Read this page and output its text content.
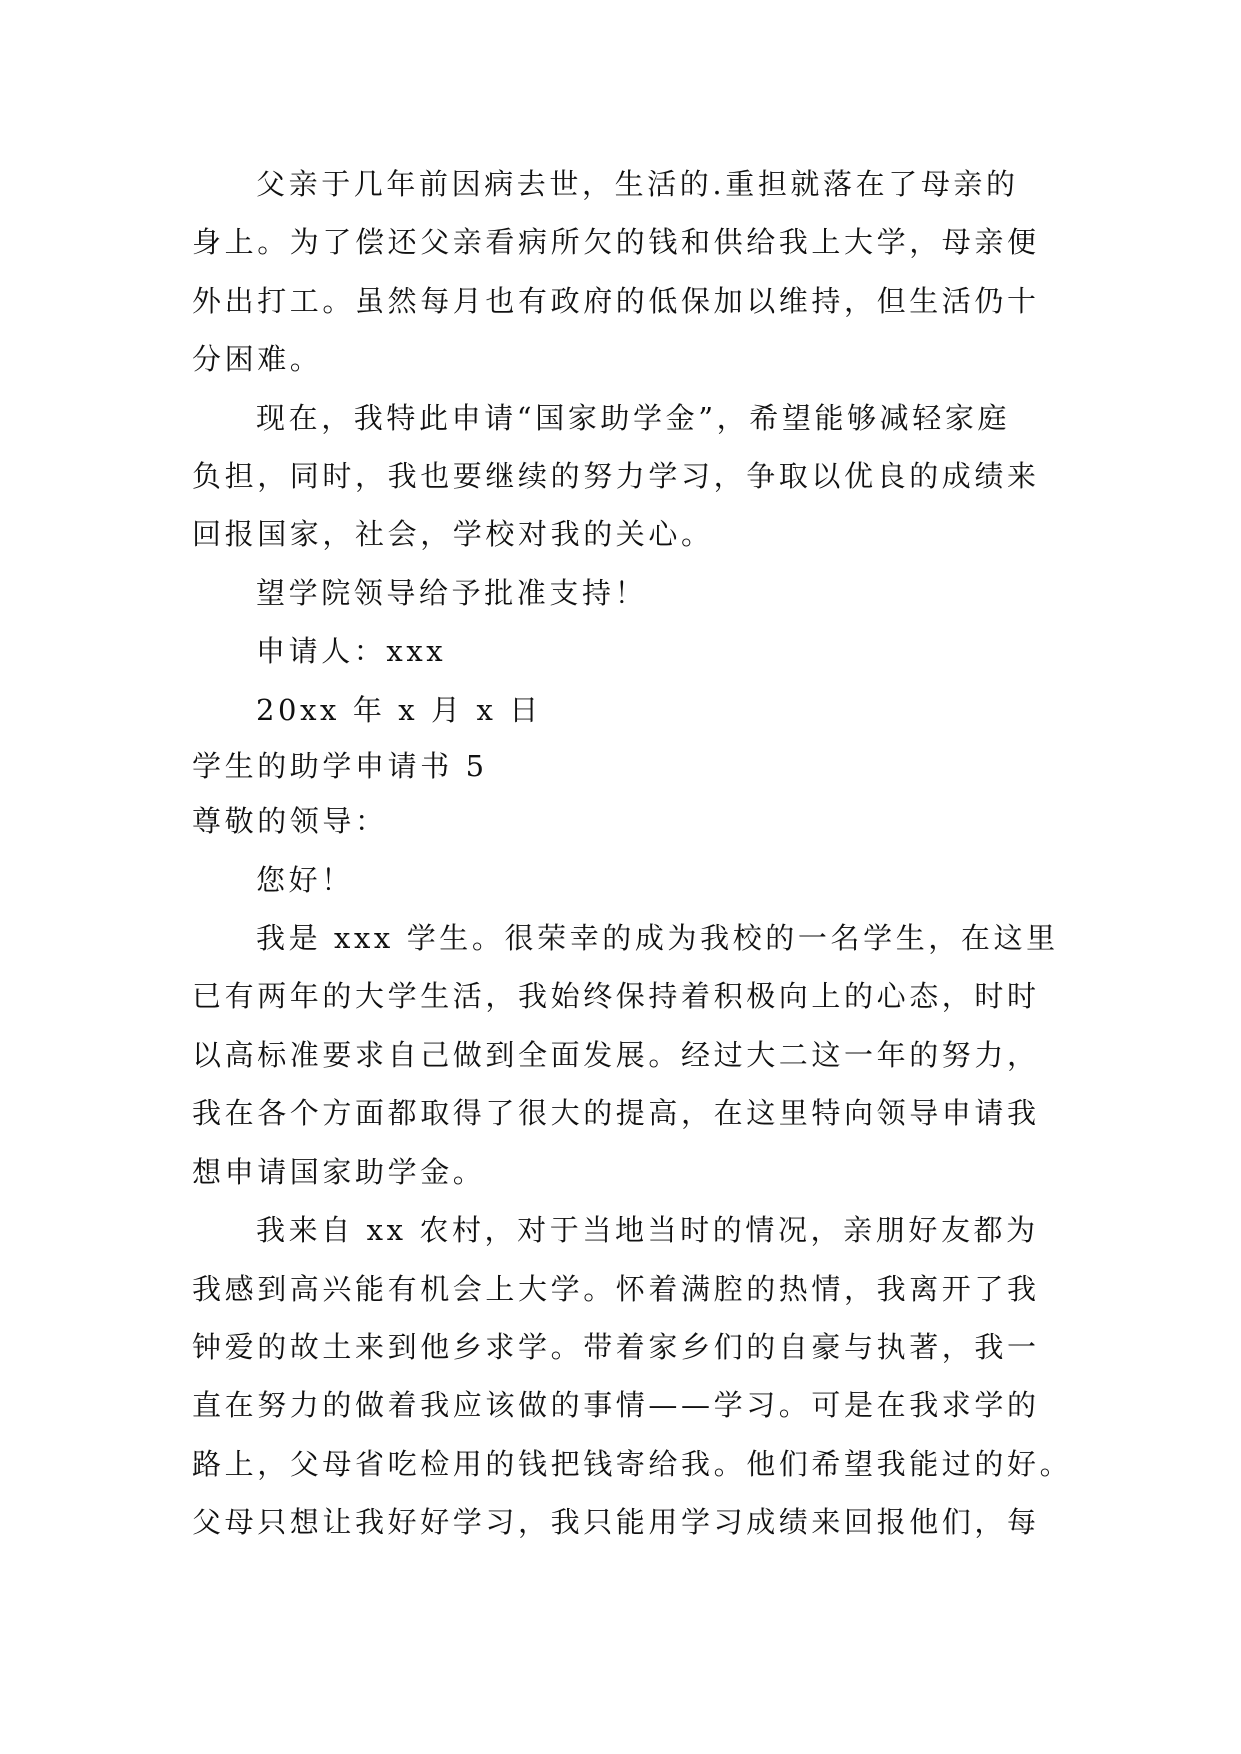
父亲于几年前因病去世，生活的.重担就落在了母亲的
身上。为了偿还父亲看病所欠的钱和供给我上大学，母亲便
外出打工。虽然每月也有政府的低保加以维持，但生活仍十
分困难。
现在，我特此申请“国家助学金”，希望能够减轻家庭
负担，同时，我也要继续的努力学习，争取以优良的成绩来
回报国家，社会，学校对我的关心。
望学院领导给予批准支持！
申请人：xxx
20xx 年 x 月 x 日
学生的助学申请书 5
尊敬的领导：
您好！
我是 xxx 学生。很荣幸的成为我校的一名学生，在这里
已有两年的大学生活，我始终保持着积极向上的心态，时时
以高标准要求自己做到全面发展。经过大二这一年的努力，
我在各个方面都取得了很大的提高，在这里特向领导申请我
想申请国家助学金。
我来自 xx 农村，对于当地当时的情况，亲朋好友都为
我感到高兴能有机会上大学。怀着满腔的热情，我离开了我
钟爱的故土来到他乡求学。带着家乡们的自豪与执著，我一
直在努力的做着我应该做的事情——学习。可是在我求学的
路上，父母省吃检用的钱把钱寄给我。他们希望我能过的好。
父母只想让我好好学习，我只能用学习成绩来回报他们，每
